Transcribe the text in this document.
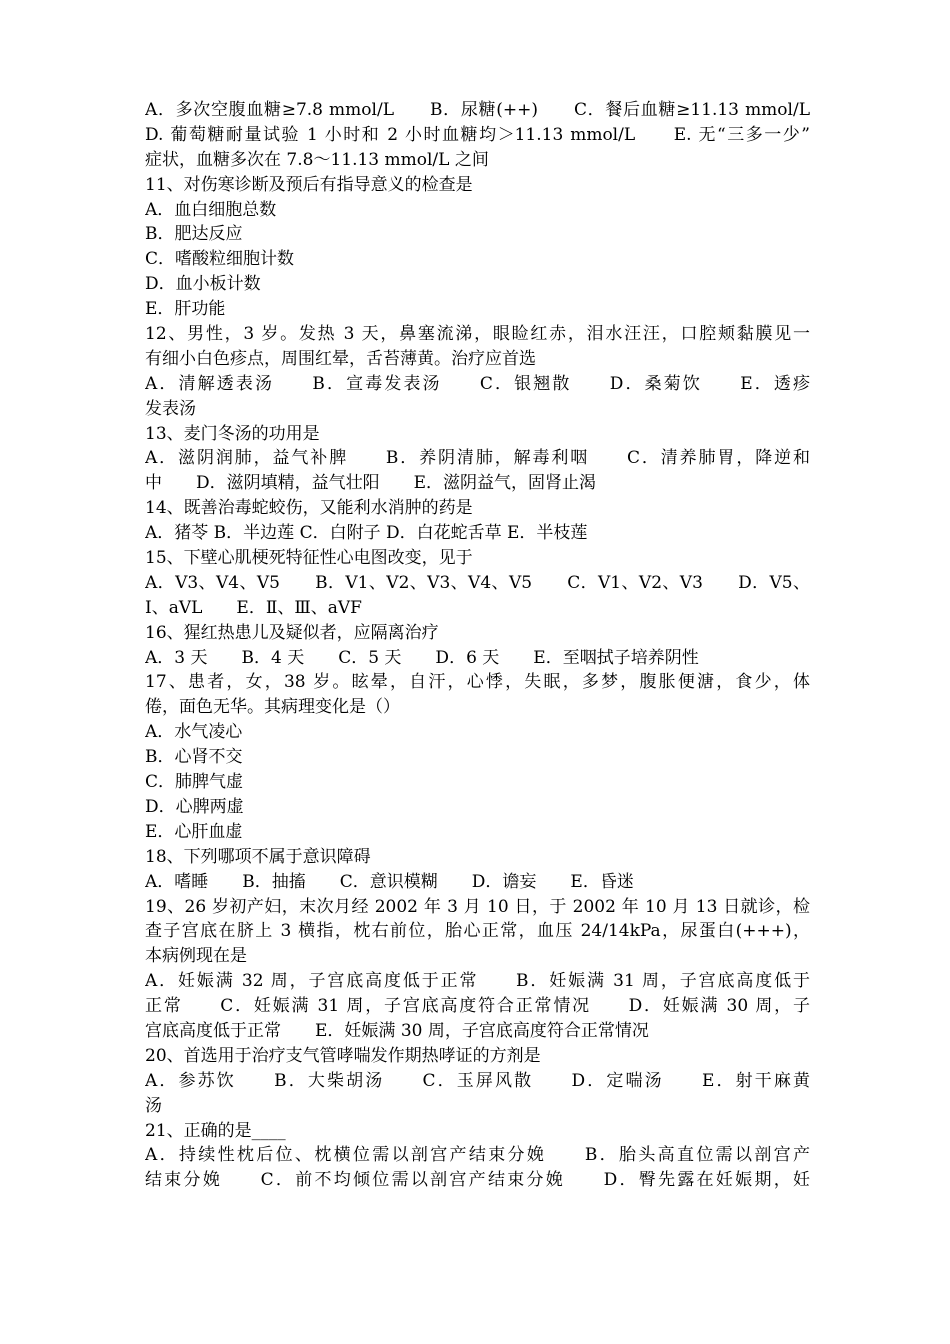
A．多次空腹血糖≥7.8 mmol/L　　B．尿糖(++)　　C．餐后血糖≥11.13 mmol/L
D. 葡萄糖耐量试验 1 小时和 2 小时血糖均＞11.13 mmol/L　　E. 无“三多一少”
症状，血糖多次在 7.8～11.13 mmol/L 之间
11、对伤寒诊断及预后有指导意义的检查是
A．血白细胞总数
B．肥达反应
C．嗜酸粒细胞计数
D．血小板计数
E．肝功能
12、男性，3 岁。发热 3 天，鼻塞流涕，眼睑红赤，泪水汪汪，口腔颊黏膜见一
有细小白色疹点，周围红晕，舌苔薄黄。治疗应首选
A．清解透表汤　　B．宣毒发表汤　　C．银翘散　　D．桑菊饮　　E．透疹
发表汤
13、麦门冬汤的功用是
A．滋阴润肺，益气补脾　　B．养阴清肺，解毒利咽　　C．清养肺胃，降逆和
中　　D．滋阴填精，益气壮阳　　E．滋阴益气，固肾止渴
14、既善治毒蛇蛟伤，又能利水消肿的药是
A．猪苓 B．半边莲 C．白附子 D．白花蛇舌草 E．半枝莲
15、下壁心肌梗死特征性心电图改变，见于
A．V3、V4、V5　　B．V1、V2、V3、V4、V5　　C．V1、V2、V3　　D．V5、
I、aVL　　E．Ⅱ、Ⅲ、aVF
16、猩红热患儿及疑似者，应隔离治疗
A．3 天　　B．4 天　　C．5 天　　D．6 天　　E．至咽拭子培养阴性
17、患者，女，38 岁。眩晕，自汗，心悸，失眠，多梦，腹胀便溏，食少，体
倦，面色无华。其病理变化是（）
A．水气凌心
B．心肾不交
C．肺脾气虚
D．心脾两虚
E．心肝血虚
18、下列哪项不属于意识障碍
A．嗜睡　　B．抽搐　　C．意识模糊　　D．谵妄　　E．昏迷
19、26 岁初产妇，末次月经 2002 年 3 月 10 日，于 2002 年 10 月 13 日就诊，检
查子宫底在脐上 3 横指，枕右前位，胎心正常，血压 24/14kPa，尿蛋白(+++)，
本病例现在是
A．妊娠满 32 周，子宫底高度低于正常　　B．妊娠满 31 周，子宫底高度低于
正常　　C．妊娠满 31 周，子宫底高度符合正常情况　　D．妊娠满 30 周，子
宫底高度低于正常　　E．妊娠满 30 周，子宫底高度符合正常情况
20、首选用于治疗支气管哮喘发作期热哮证的方剂是
A．参苏饮　　B．大柴胡汤　　C．玉屏风散　　D．定喘汤　　E．射干麻黄
汤
21、正确的是____
A．持续性枕后位、枕横位需以剖宫产结束分娩　　B．胎头高直位需以剖宫产
结束分娩　　C．前不均倾位需以剖宫产结束分娩　　D．臀先露在妊娠期，妊
